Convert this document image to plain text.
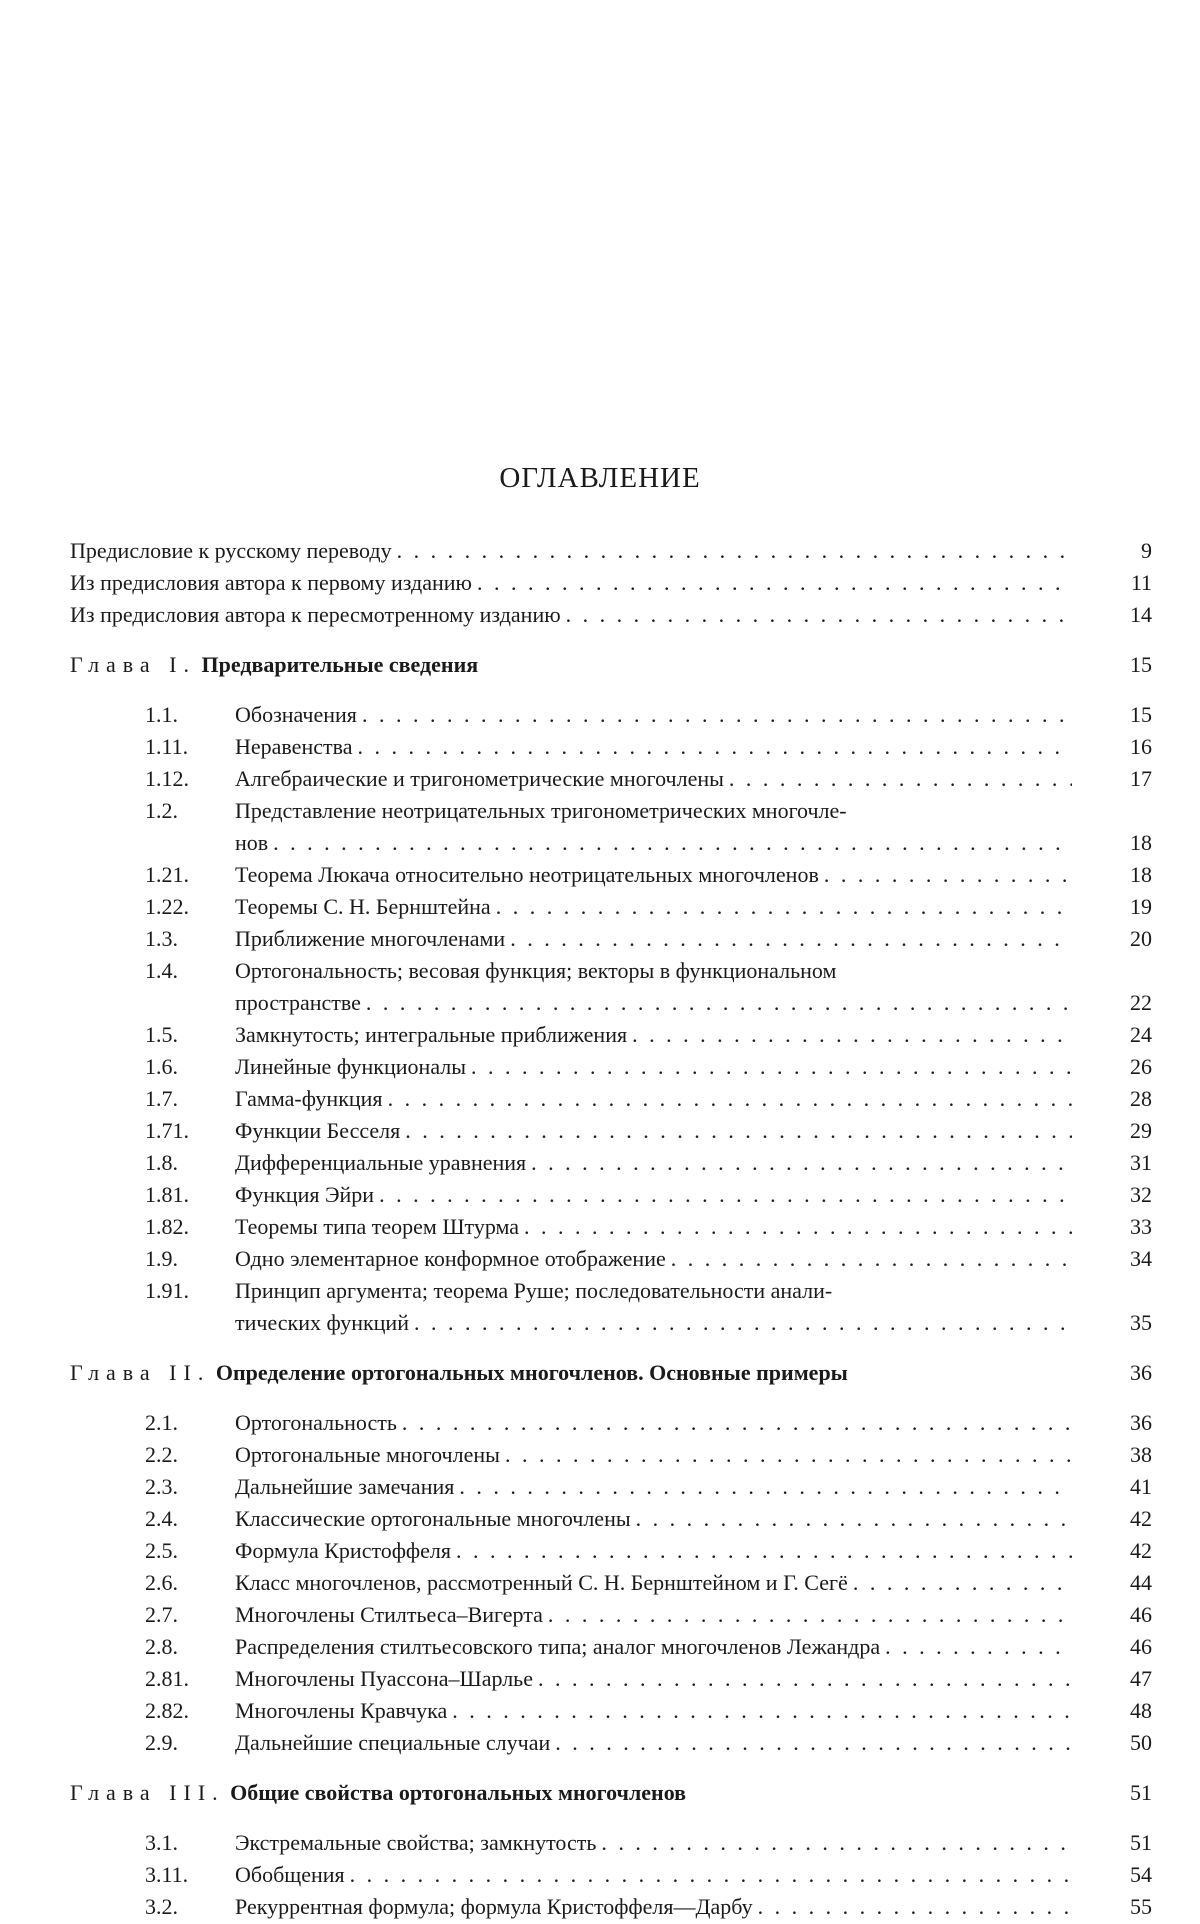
ОГЛАВЛЕНИЕ
Предисловие к русскому переводу . . .	9
Из предисловия автора к первому изданию . . .	11
Из предисловия автора к пересмотренному изданию . . .	14
Глава I. Предварительные сведения	15
1.1.	Обозначения . . .	15
1.11. Неравенства . . .	16
1.12. Алгебраические и тригонометрические многочлены . . .	17
1.2.	Представление неотрицательных тригонометрических многочле-
нов . . .	18
1.21. Теорема Люкача относительно неотрицательных многочленов . . .	18
1.22. Теоремы С. Н. Бернштейна . . .	19
1.3.	Приближение многочленами . . .	20
1.4.	Ортогональность; весовая функция; векторы в функциональном
пространстве . . .	22
1.5.	Замкнутость; интегральные приближения . . .	24
1.6.	Линейные функционалы . . .	26
1.7.	Гамма-функция . . .	28
1.71. Функции Бесселя . . .	29
1.8.	Дифференциальные уравнения . . .	31
1.81. Функция Эйри . . .	32
1.82. Теоремы типа теорем Штурма . . .	33
1.9.	Одно элементарное конформное отображение . . .	34
1.91. Принцип аргумента; теорема Руше; последовательности анали-
тических функций . . .	35
Глава II. Определение ортогональных многочленов. Основные примеры	36
2.1.	Ортогональность . . .	36
2.2.	Ортогональные многочлены . . .	38
2.3.	Дальнейшие замечания . . .	41
2.4.	Классические ортогональные многочлены . . .	42
2.5.	Формула Кристоффеля . . .	42
2.6.	Класс многочленов, рассмотренный С. Н. Бернштейном и Г. Сегё . . .	44
2.7.	Многочлены Стилтьеса–Вигерта . . .	46
2.8.	Распределения стилтьесовского типа; аналог многочленов Лежандра . . .	46
2.81. Многочлены Пуассона–Шарлье . . .	47
2.82. Многочлены Кравчука . . .	48
2.9.	Дальнейшие специальные случаи . . .	50
Глава III. Общие свойства ортогональных многочленов	51
3.1.	Экстремальные свойства; замкнутость . . .	51
3.11. Обобщения . . .	54
3.2.	Рекуррентная формула; формула Кристоффеля—Дарбу . . .	55
